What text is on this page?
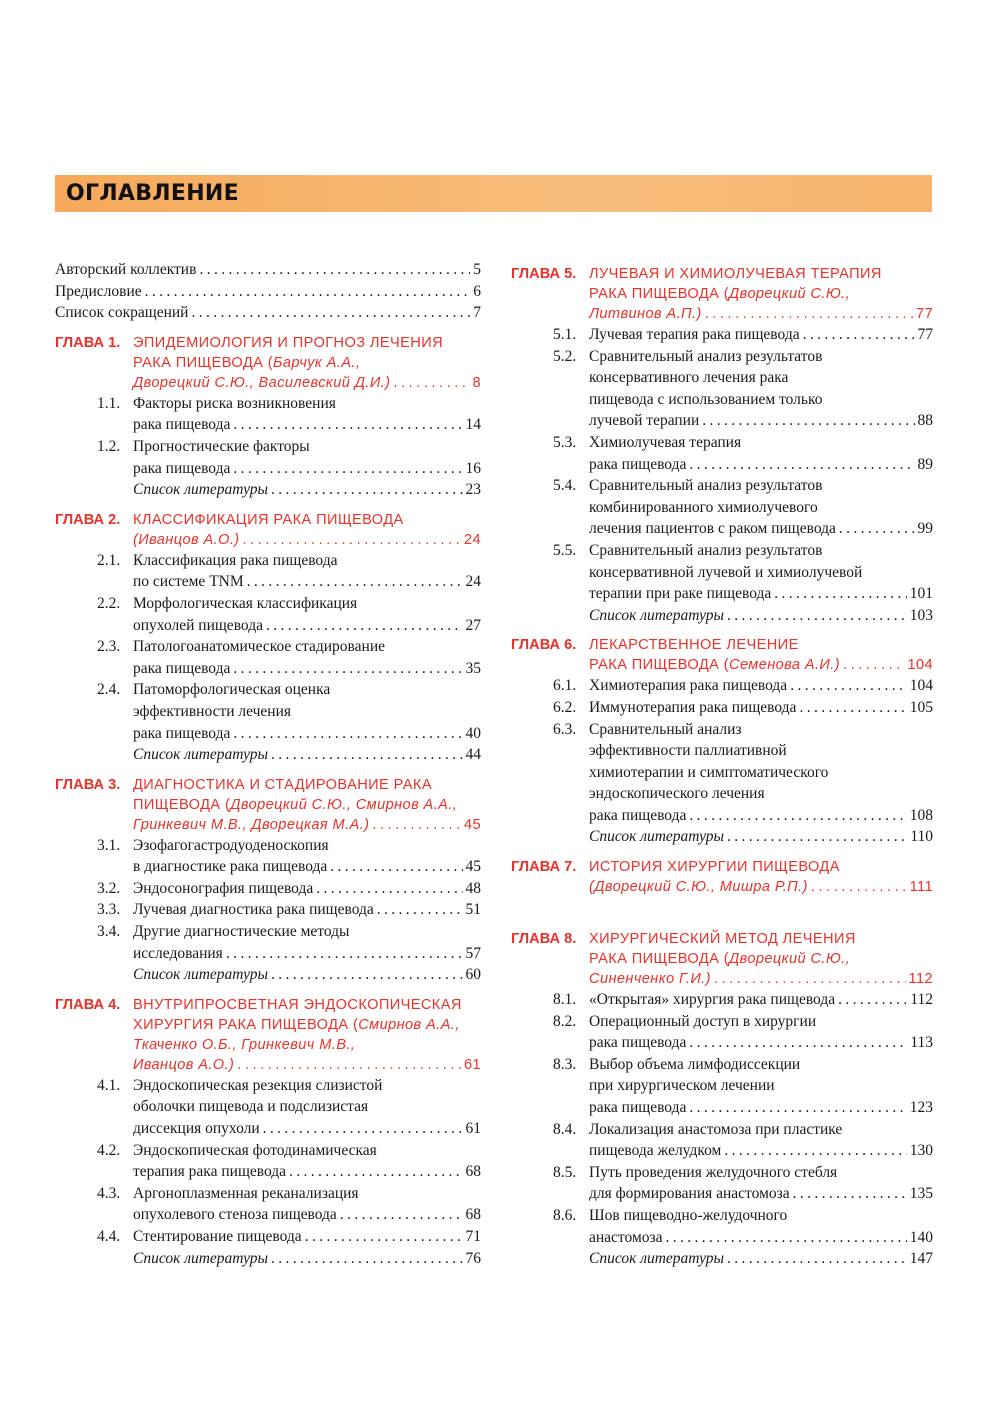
ОГЛАВЛЕНИЕ
Авторский коллектив . . .	5
Предисловие . . .	6
Список сокращений . . .	7
ГЛАВА 1. ЭПИДЕМИОЛОГИЯ И ПРОГНОЗ ЛЕЧЕНИЯ
РАКА ПИЩЕВОДА (Барчук А.А.,
Дворецкий С.Ю., Василевский Д.И.) . . .	8
1.1. Факторы риска возникновения
рака пищевода . . .	14
1.2. Прогностические факторы
рака пищевода . . .	16
Список литературы . . .	23
ГЛАВА 2. КЛАССИФИКАЦИЯ РАКА ПИЩЕВОДА
(Иванцов А.О.) . . .	24
2.1. Классификация рака пищевода
по системе TNM . . .	24
2.2. Морфологическая классификация
опухолей пищевода . . .	27
2.3. Патологоанатомическое стадирование
рака пищевода . . .	35
2.4. Патоморфологическая оценка
эффективности лечения
рака пищевода . . .	40
Список литературы . . .	44
ГЛАВА 3. ДИАГНОСТИКА И СТАДИРОВАНИЕ РАКА
ПИЩЕВОДА (Дворецкий С.Ю., Смирнов А.А.,
Гринкевич М.В., Дворецкая М.А.) . . .	45
3.1. Эзофагогастродуоденоскопия
в диагностике рака пищевода . . .	45
3.2. Эндосонография пищевода . . .	48
3.3. Лучевая диагностика рака пищевода . . .	51
3.4. Другие диагностические методы
исследования . . .	57
Список литературы . . .	60
ГЛАВА 4. ВНУТРИПРОСВЕТНАЯ ЭНДОСКОПИЧЕСКАЯ
ХИРУРГИЯ РАКА ПИЩЕВОДА (Смирнов А.А.,
Ткаченко О.Б., Гринкевич М.В.,
Иванцов А.О.) . . .	61
4.1. Эндоскопическая резекция слизистой
оболочки пищевода и подслизистая
диссекция опухоли . . .	61
4.2. Эндоскопическая фотодинамическая
терапия рака пищевода . . .	68
4.3. Аргоноплазменная реканализация
опухолевого стеноза пищевода . . .	68
4.4. Стентирование пищевода . . .	71
Список литературы . . .	76
ГЛАВА 5. ЛУЧЕВАЯ И ХИМИОЛУЧЕВАЯ ТЕРАПИЯ
РАКА ПИЩЕВОДА (Дворецкий С.Ю.,
Литвинов А.П.) . . .	77
5.1. Лучевая терапия рака пищевода . . .	77
5.2. Сравнительный анализ результатов
консервативного лечения рака
пищевода с использованием только
лучевой терапии . . .	88
5.3. Химиолучевая терапия
рака пищевода . . .	89
5.4. Сравнительный анализ результатов
комбинированного химиолучевого
лечения пациентов с раком пищевода . . .	99
5.5. Сравнительный анализ результатов
консервативной лучевой и химиолучевой
терапии при раке пищевода . . .	101
Список литературы . . .	103
ГЛАВА 6. ЛЕКАРСТВЕННОЕ ЛЕЧЕНИЕ
РАКА ПИЩЕВОДА (Семенова А.И.) . . .	104
6.1. Химиотерапия рака пищевода . . .	104
6.2. Иммунотерапия рака пищевода . . .	105
6.3. Сравнительный анализ
эффективности паллиативной
химиотерапии и симптоматического
эндоскопического лечения
рака пищевода . . .	108
Список литературы . . .	110
ГЛАВА 7. ИСТОРИЯ ХИРУРГИИ ПИЩЕВОДА
(Дворецкий С.Ю., Мишра Р.П.) . . .	111
ГЛАВА 8. ХИРУРГИЧЕСКИЙ МЕТОД ЛЕЧЕНИЯ
РАКА ПИЩЕВОДА (Дворецкий С.Ю.,
Синенченко Г.И.) . . .	112
8.1. «Открытая» хирургия рака пищевода . . .	112
8.2. Операционный доступ в хирургии
рака пищевода . . .	113
8.3. Выбор объема лимфодиссекции
при хирургическом лечении
рака пищевода . . .	123
8.4. Локализация анастомоза при пластике
пищевода желудком . . .	130
8.5. Путь проведения желудочного стебля
для формирования анастомоза . . .	135
8.6. Шов пищеводно-желудочного
анастомоза . . .	140
Список литературы . . .	147
